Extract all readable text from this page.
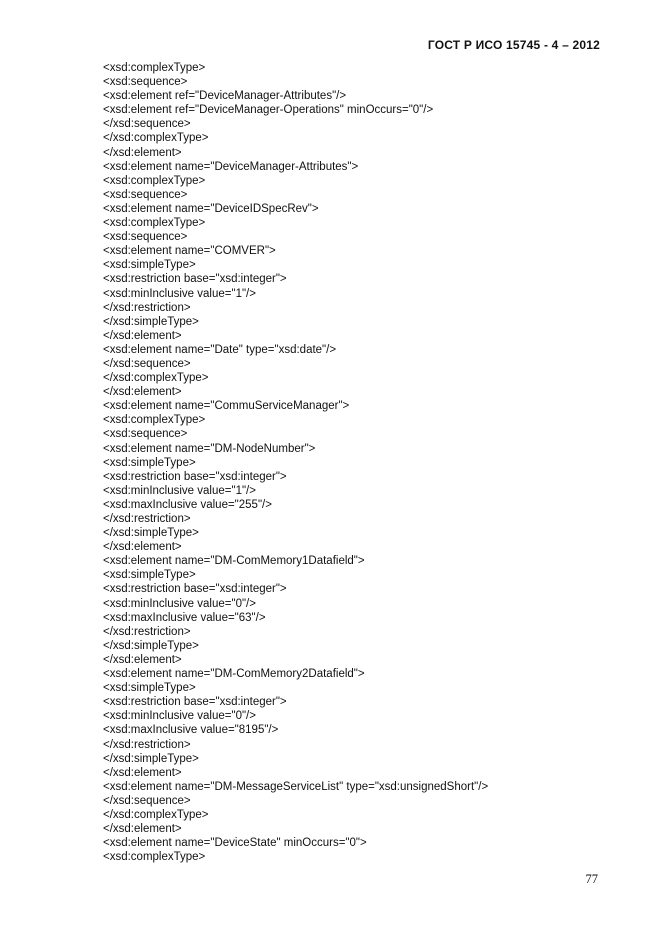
ГОСТ Р ИСО 15745 - 4 – 2012
<xsd:complexType>
<xsd:sequence>
<xsd:element ref="DeviceManager-Attributes"/>
<xsd:element ref="DeviceManager-Operations" minOccurs="0"/>
</xsd:sequence>
</xsd:complexType>
</xsd:element>
<xsd:element name="DeviceManager-Attributes">
<xsd:complexType>
<xsd:sequence>
<xsd:element name="DeviceIDSpecRev">
<xsd:complexType>
<xsd:sequence>
<xsd:element name="COMVER">
<xsd:simpleType>
<xsd:restriction base="xsd:integer">
<xsd:minInclusive value="1"/>
</xsd:restriction>
</xsd:simpleType>
</xsd:element>
<xsd:element name="Date" type="xsd:date"/>
</xsd:sequence>
</xsd:complexType>
</xsd:element>
<xsd:element name="CommuServiceManager">
<xsd:complexType>
<xsd:sequence>
<xsd:element name="DM-NodeNumber">
<xsd:simpleType>
<xsd:restriction base="xsd:integer">
<xsd:minInclusive value="1"/>
<xsd:maxInclusive value="255"/>
</xsd:restriction>
</xsd:simpleType>
</xsd:element>
<xsd:element name="DM-ComMemory1Datafield">
<xsd:simpleType>
<xsd:restriction base="xsd:integer">
<xsd:minInclusive value="0"/>
<xsd:maxInclusive value="63"/>
</xsd:restriction>
</xsd:simpleType>
</xsd:element>
<xsd:element name="DM-ComMemory2Datafield">
<xsd:simpleType>
<xsd:restriction base="xsd:integer">
<xsd:minInclusive value="0"/>
<xsd:maxInclusive value="8195"/>
</xsd:restriction>
</xsd:simpleType>
</xsd:element>
<xsd:element name="DM-MessageServiceList" type="xsd:unsignedShort"/>
</xsd:sequence>
</xsd:complexType>
</xsd:element>
<xsd:element name="DeviceState" minOccurs="0">
<xsd:complexType>
77
